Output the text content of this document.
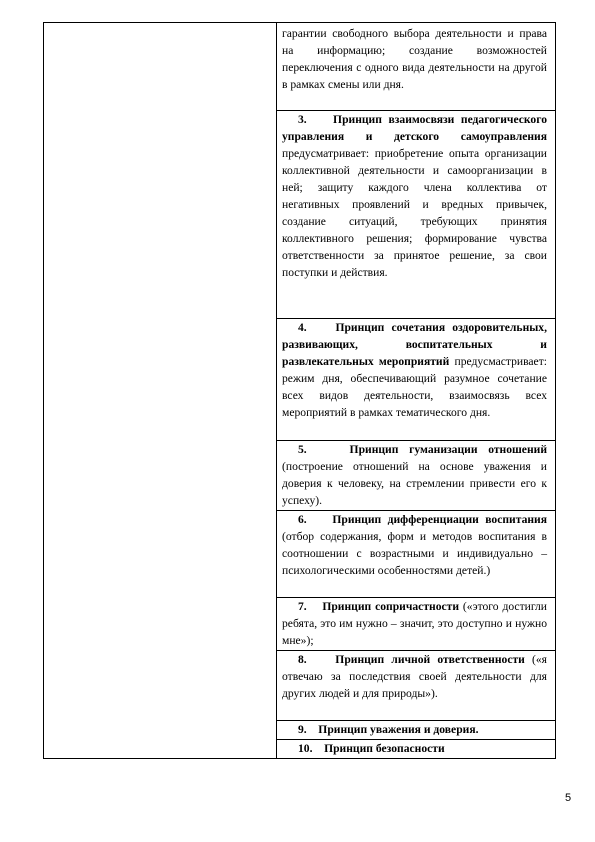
гарантии свободного выбора деятельности и права на информацию; создание возможностей переключения с одного вида деятельности на другой в рамках смены или дня.
3. Принцип взаимосвязи педагогического управления и детского самоуправления предусматривает: приобретение опыта организации коллективной деятельности и самоорганизации в ней; защиту каждого члена коллектива от негативных проявлений и вредных привычек, создание ситуаций, требующих принятия коллективного решения; формирование чувства ответственности за принятое решение, за свои поступки и действия.
4. Принцип сочетания оздоровительных, развивающих, воспитательных и развлекательных мероприятий предусмастривает: режим дня, обеспечивающий разумное сочетание всех видов деятельности, взаимосвязь всех мероприятий в рамках тематического дня.
5.	Принцип гуманизации отношений (построение отношений на основе уважения и доверия к человеку, на стремлении привести его к успеху).
6. Принцип дифференциации воспитания (отбор содержания, форм и методов воспитания в соотношении с возрастными и индивидуально – психологическими особенностями детей.)
7. Принцип сопричастности («этого достигли ребята, это им нужно – значит, это доступно и нужно мне»);
8. Принцип личной ответственности («я отвечаю за последствия своей деятельности для других людей и для природы»).
9. Принцип уважения и доверия.
10. Принцип безопасности
5
